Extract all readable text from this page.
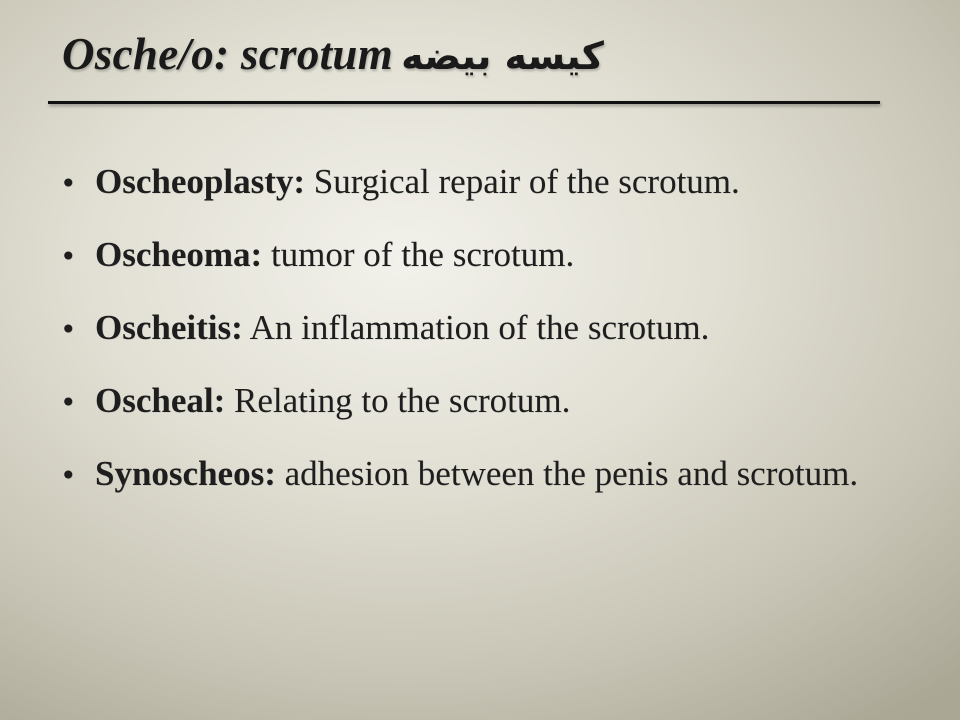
Osche/o: scrotum كيسه بيضه
• Oscheoplasty: Surgical repair of the scrotum.
• Oscheoma: tumor of the scrotum.
• Oscheitis: An inflammation of the scrotum.
• Oscheal: Relating to the scrotum.
• Synoscheos: adhesion between the penis and scrotum.
